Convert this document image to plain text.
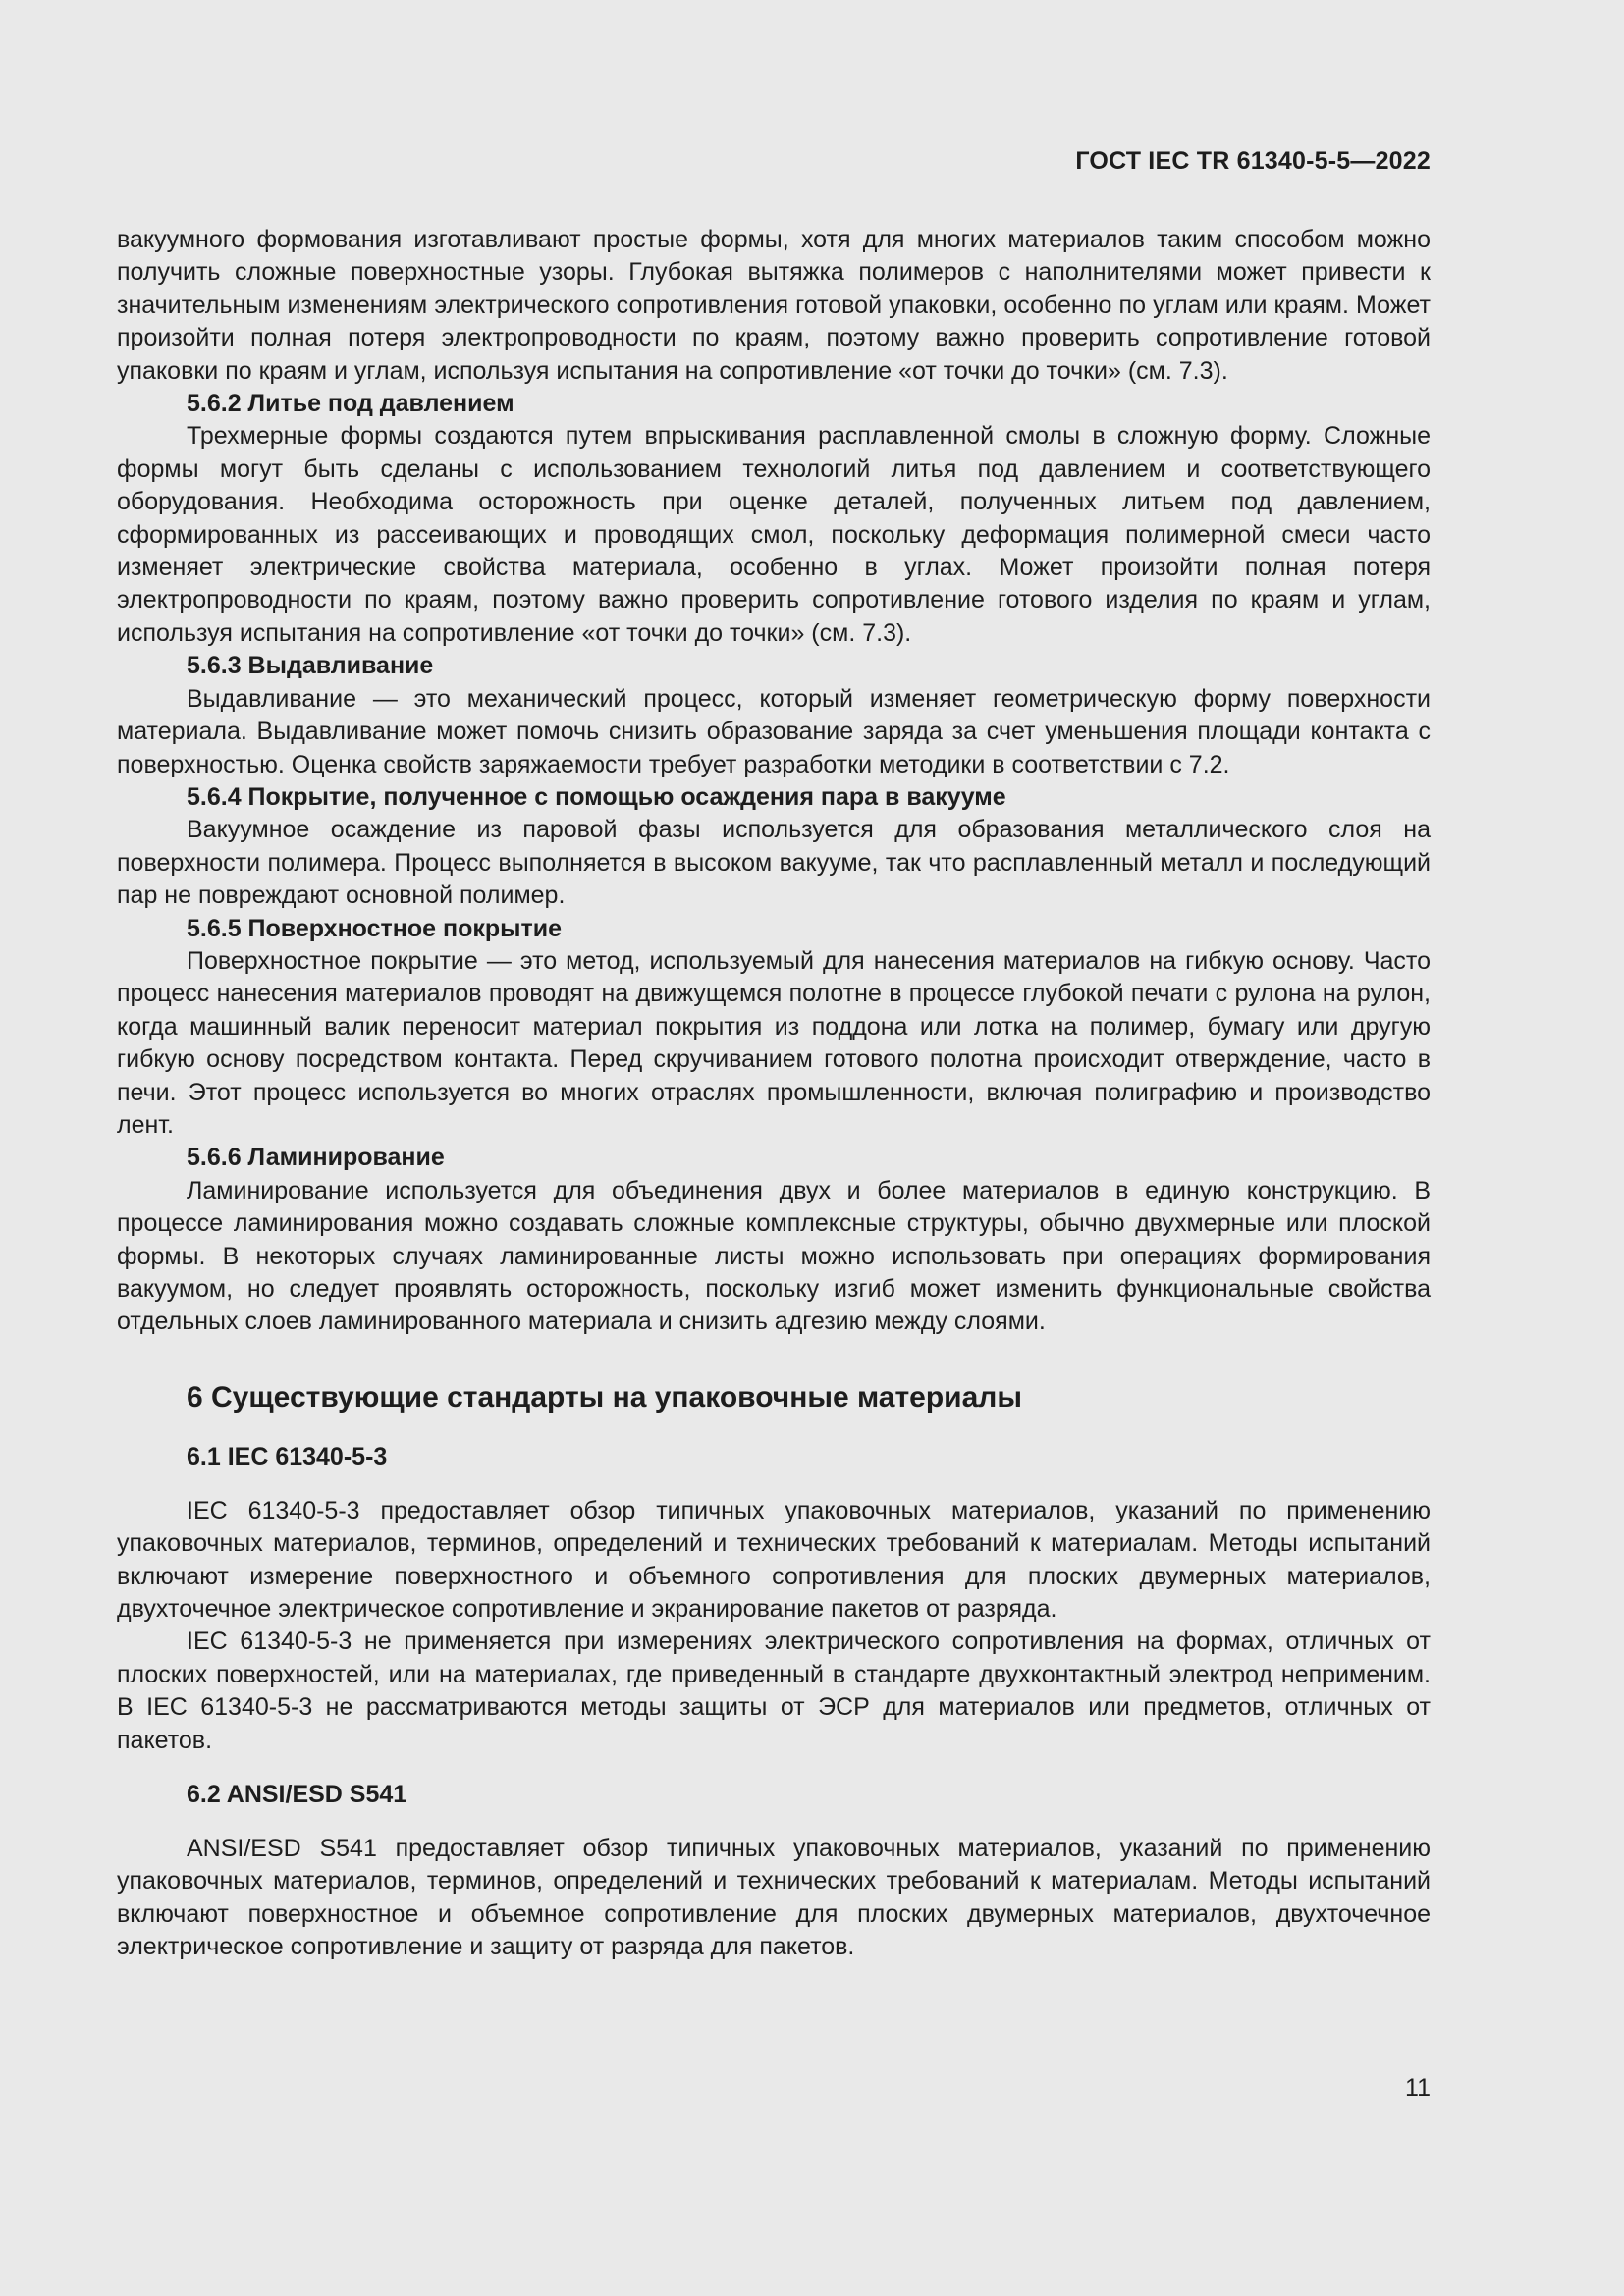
ГОСТ IEC TR 61340-5-5—2022

вакуумного формования изготавливают простые формы, хотя для многих материалов таким способом можно получить сложные поверхностные узоры. Глубокая вытяжка полимеров с наполнителями может привести к значительным изменениям электрического сопротивления готовой упаковки, особенно по углам или краям. Может произойти полная потеря электропроводности по краям, поэтому важно проверить сопротивление готовой упаковки по краям и углам, используя испытания на сопротивление «от точки до точки» (см. 7.3).

5.6.2 Литье под давлением

Трехмерные формы создаются путем впрыскивания расплавленной смолы в сложную форму. Сложные формы могут быть сделаны с использованием технологий литья под давлением и соответствующего оборудования. Необходима осторожность при оценке деталей, полученных литьем под давлением, сформированных из рассеивающих и проводящих смол, поскольку деформация полимерной смеси часто изменяет электрические свойства материала, особенно в углах. Может произойти полная потеря электропроводности по краям, поэтому важно проверить сопротивление готового изделия по краям и углам, используя испытания на сопротивление «от точки до точки» (см. 7.3).

5.6.3 Выдавливание

Выдавливание — это механический процесс, который изменяет геометрическую форму поверхности материала. Выдавливание может помочь снизить образование заряда за счет уменьшения площади контакта с поверхностью. Оценка свойств заряжаемости требует разработки методики в соответствии с 7.2.

5.6.4 Покрытие, полученное с помощью осаждения пара в вакууме

Вакуумное осаждение из паровой фазы используется для образования металлического слоя на поверхности полимера. Процесс выполняется в высоком вакууме, так что расплавленный металл и последующий пар не повреждают основной полимер.

5.6.5 Поверхностное покрытие

Поверхностное покрытие — это метод, используемый для нанесения материалов на гибкую основу. Часто процесс нанесения материалов проводят на движущемся полотне в процессе глубокой печати с рулона на рулон, когда машинный валик переносит материал покрытия из поддона или лотка на полимер, бумагу или другую гибкую основу посредством контакта. Перед скручиванием готового полотна происходит отверждение, часто в печи. Этот процесс используется во многих отраслях промышленности, включая полиграфию и производство лент.

5.6.6 Ламинирование

Ламинирование используется для объединения двух и более материалов в единую конструкцию. В процессе ламинирования можно создавать сложные комплексные структуры, обычно двухмерные или плоской формы. В некоторых случаях ламинированные листы можно использовать при операциях формирования вакуумом, но следует проявлять осторожность, поскольку изгиб может изменить функциональные свойства отдельных слоев ламинированного материала и снизить адгезию между слоями.

6 Существующие стандарты на упаковочные материалы
6.1 IEC 61340-5-3

IEC 61340-5-3 предоставляет обзор типичных упаковочных материалов, указаний по применению упаковочных материалов, терминов, определений и технических требований к материалам. Методы испытаний включают измерение поверхностного и объемного сопротивления для плоских двумерных материалов, двухточечное электрическое сопротивление и экранирование пакетов от разряда.

IEC 61340-5-3 не применяется при измерениях электрического сопротивления на формах, отличных от плоских поверхностей, или на материалах, где приведенный в стандарте двухконтактный электрод неприменим. В IEC 61340-5-3 не рассматриваются методы защиты от ЭСР для материалов или предметов, отличных от пакетов.

6.2 ANSI/ESD S541

ANSI/ESD S541 предоставляет обзор типичных упаковочных материалов, указаний по применению упаковочных материалов, терминов, определений и технических требований к материалам. Методы испытаний включают поверхностное и объемное сопротивление для плоских двумерных материалов, двухточечное электрическое сопротивление и защиту от разряда для пакетов.

11
